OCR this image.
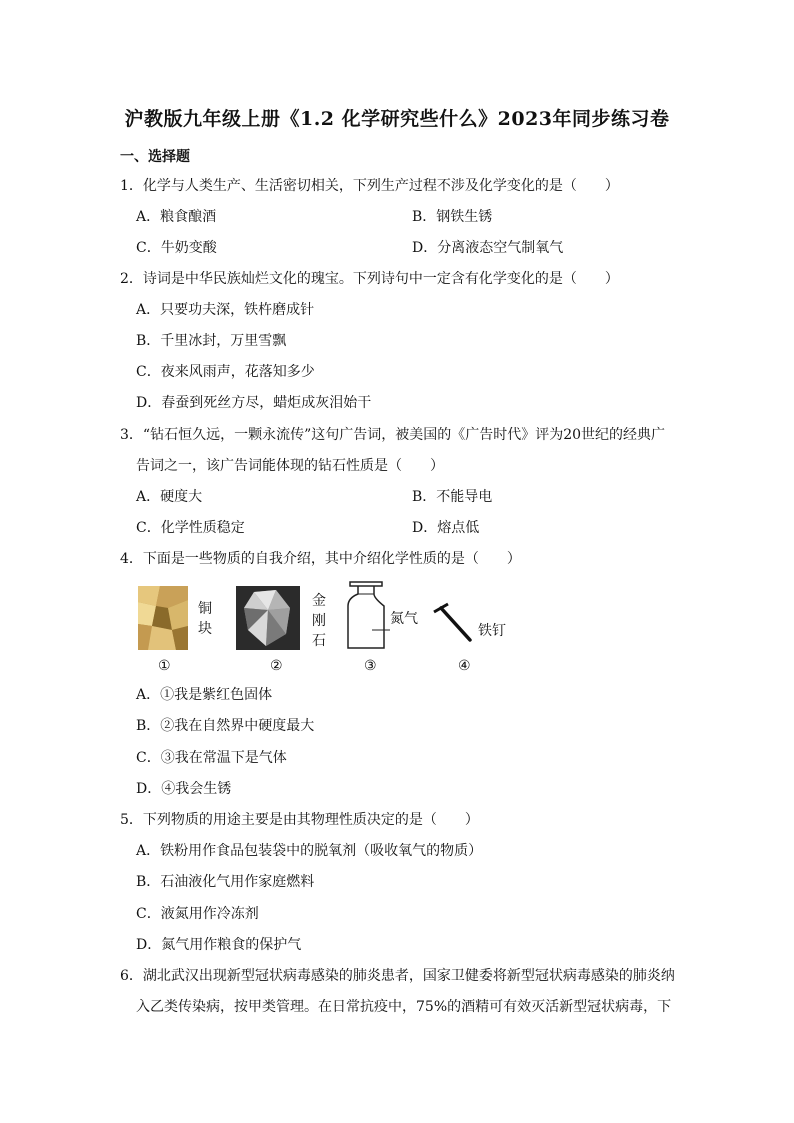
沪教版九年级上册《1.2 化学研究些什么》2023年同步练习卷
一、选择题
1．化学与人类生产、生活密切相关，下列生产过程不涉及化学变化的是（　　）
A．粮食酿酒	B．钢铁生锈
C．牛奶变酸	D．分离液态空气制氧气
2．诗词是中华民族灿烂文化的瑰宝。下列诗句中一定含有化学变化的是（　　）
A．只要功夫深，铁杵磨成针
B．千里冰封，万里雪飘
C．夜来风雨声，花落知多少
D．春蚕到死丝方尽，蜡炬成灰泪始干
3．“钻石恒久远，一颗永流传”这句广告词，被美国的《广告时代》评为20世纪的经典广
告词之一，该广告词能体现的钻石性质是（　　）
A．硬度大	B．不能导电
C．化学性质稳定	D．熔点低
4．下面是一些物质的自我介绍，其中介绍化学性质的是（　　）
铜
块
金
刚
石
氮气
铁钉
①	②	③	④
A．①我是紫红色固体
B．②我在自然界中硬度最大
C．③我在常温下是气体
D．④我会生锈
5．下列物质的用途主要是由其物理性质决定的是（　　）
A．铁粉用作食品包装袋中的脱氧剂（吸收氧气的物质）
B．石油液化气用作家庭燃料
C．液氮用作冷冻剂
D．氮气用作粮食的保护气
6．湖北武汉出现新型冠状病毒感染的肺炎患者，国家卫健委将新型冠状病毒感染的肺炎纳
入乙类传染病，按甲类管理。在日常抗疫中，75%的酒精可有效灭活新型冠状病毒，下
